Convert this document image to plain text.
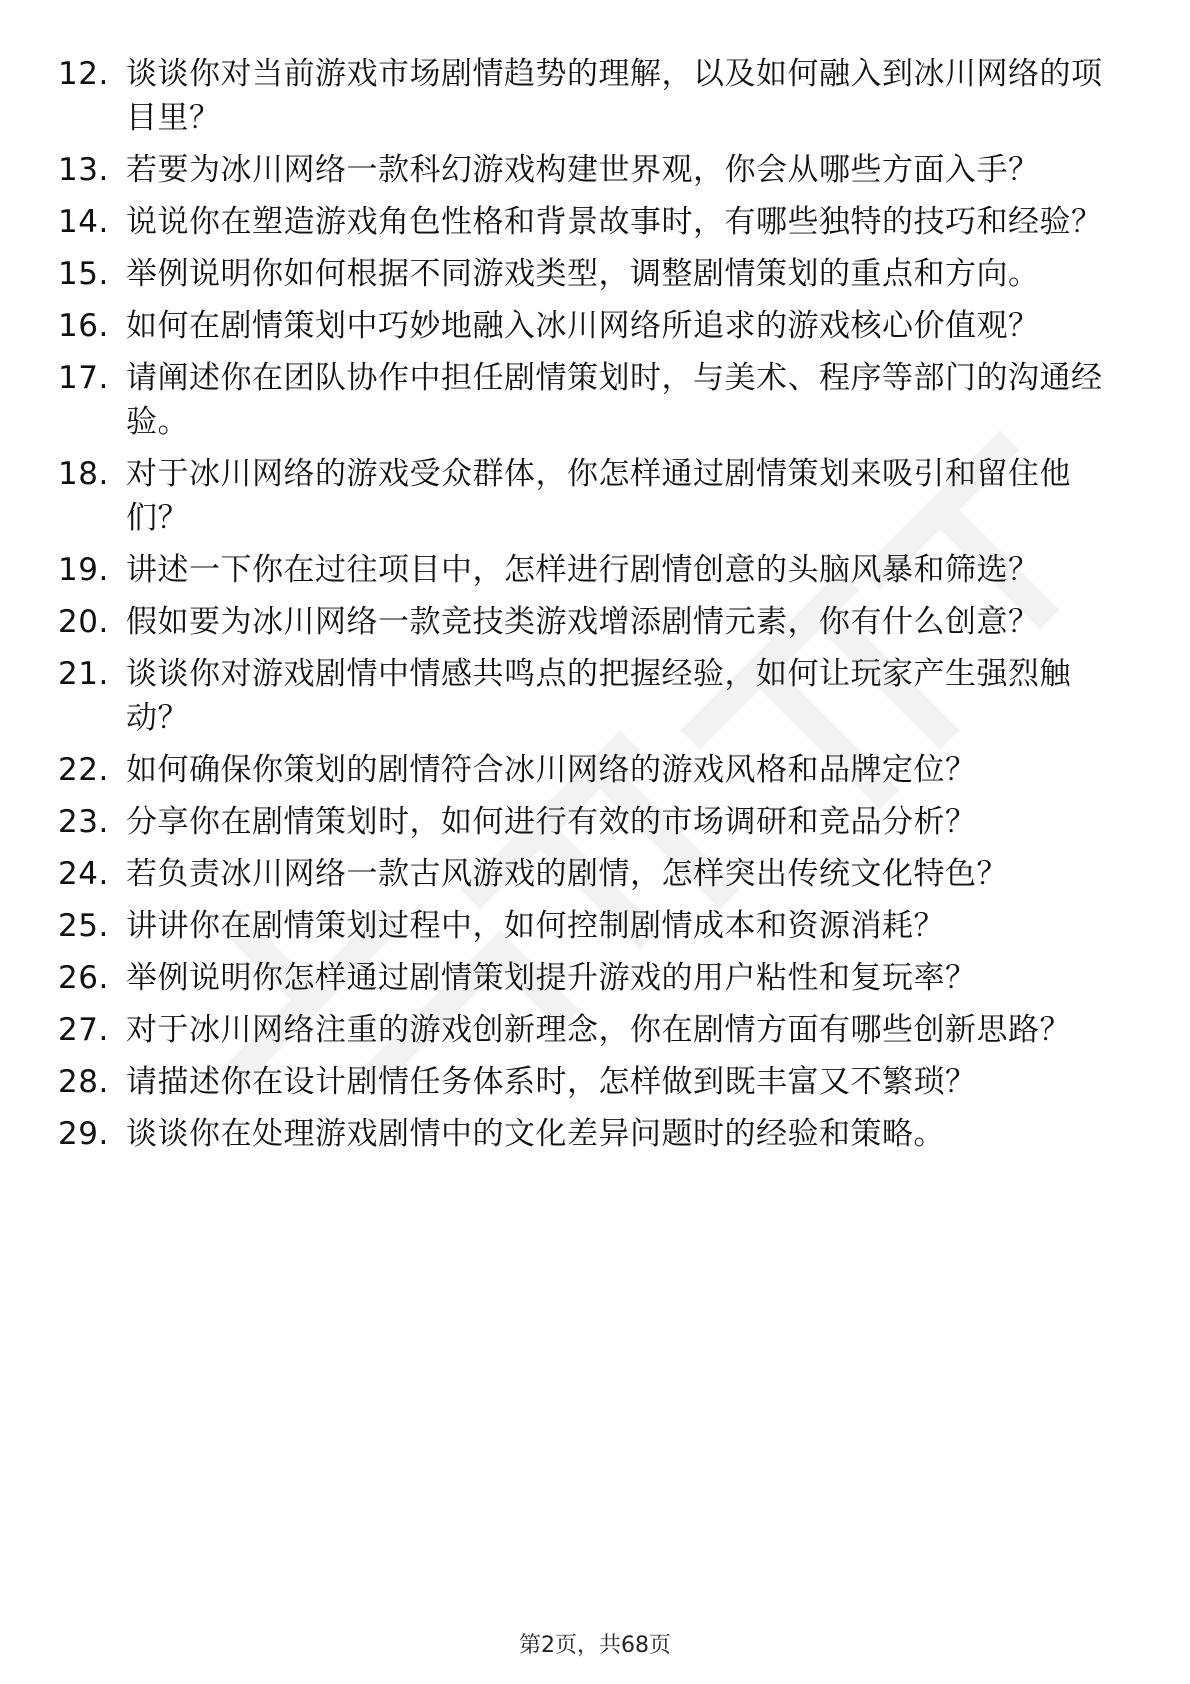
12. 谈谈你对当前游戏市场剧情趋势的理解，以及如何融入到冰川网络的项目里？
13. 若要为冰川网络一款科幻游戏构建世界观，你会从哪些方面入手？
14. 说说你在塑造游戏角色性格和背景故事时，有哪些独特的技巧和经验？
15. 举例说明你如何根据不同游戏类型，调整剧情策划的重点和方向。
16. 如何在剧情策划中巧妙地融入冰川网络所追求的游戏核心价值观？
17. 请阐述你在团队协作中担任剧情策划时，与美术、程序等部门的沟通经验。
18. 对于冰川网络的游戏受众群体，你怎样通过剧情策划来吸引和留住他们？
19. 讲述一下你在过往项目中，怎样进行剧情创意的头脑风暴和筛选？
20. 假如要为冰川网络一款竞技类游戏增添剧情元素，你有什么创意？
21. 谈谈你对游戏剧情中情感共鸣点的把握经验，如何让玩家产生强烈触动？
22. 如何确保你策划的剧情符合冰川网络的游戏风格和品牌定位？
23. 分享你在剧情策划时，如何进行有效的市场调研和竞品分析？
24. 若负责冰川网络一款古风游戏的剧情，怎样突出传统文化特色？
25. 讲讲你在剧情策划过程中，如何控制剧情成本和资源消耗？
26. 举例说明你怎样通过剧情策划提升游戏的用户粘性和复玩率？
27. 对于冰川网络注重的游戏创新理念，你在剧情方面有哪些创新思路？
28. 请描述你在设计剧情任务体系时，怎样做到既丰富又不繁琐？
29. 谈谈你在处理游戏剧情中的文化差异问题时的经验和策略。
第2页，共68页
